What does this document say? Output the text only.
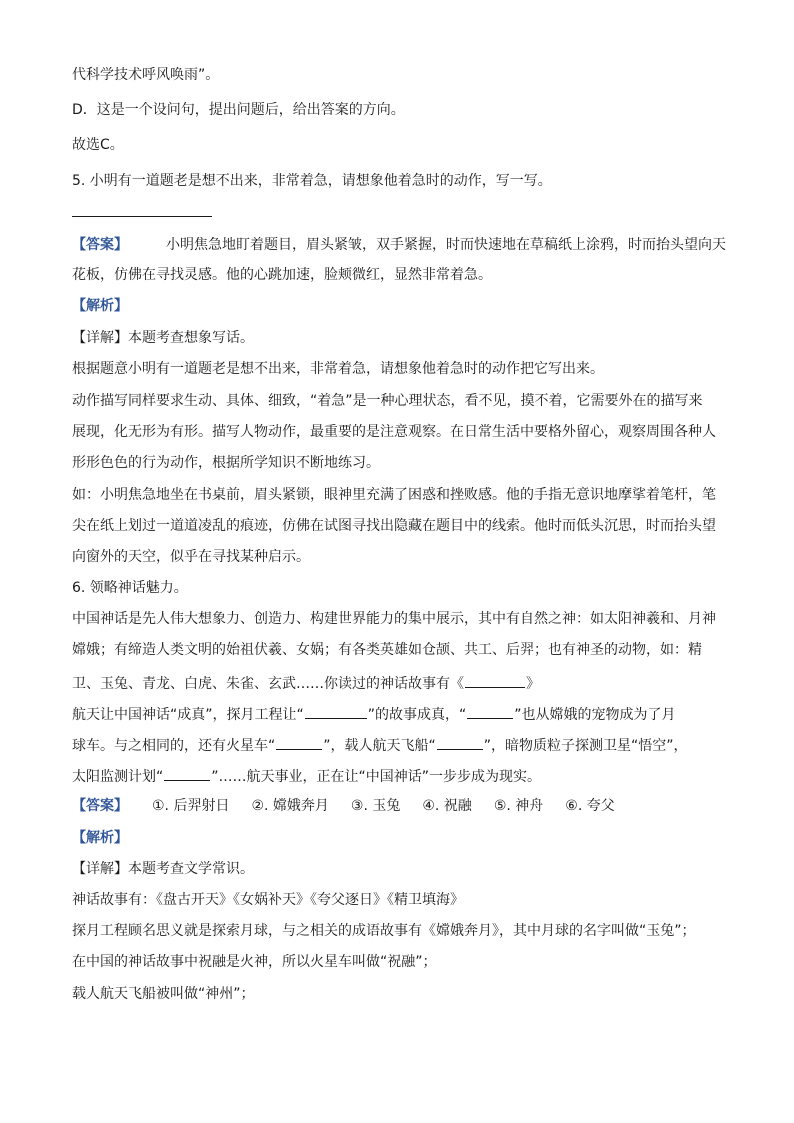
代科学技术呼风唤雨”。
D．这是一个设问句，提出问题后，给出答案的方向。
故选C。
5. 小明有一道题老是想不出来，非常着急，请想象他着急时的动作，写一写。
【答案】	小明焦急地盯着题目，眉头紧皱，双手紧握，时而快速地在草稿纸上涂鸦，时而抬头望向天
花板，仿佛在寻找灵感。他的心跳加速，脸颊微红，显然非常着急。
【解析】
【详解】本题考查想象写话。
根据题意小明有一道题老是想不出来，非常着急，请想象他着急时的动作把它写出来。
动作描写同样要求生动、具体、细致，“着急”是一种心理状态，看不见，摸不着，它需要外在的描写来
展现，化无形为有形。描写人物动作，最重要的是注意观察。在日常生活中要格外留心，观察周围各种人
形形色色的行为动作，根据所学知识不断地练习。
如：小明焦急地坐在书桌前，眉头紧锁，眼神里充满了困惑和挫败感。他的手指无意识地摩挲着笔杆，笔
尖在纸上划过一道道凌乱的痕迹，仿佛在试图寻找出隐藏在题目中的线索。他时而低头沉思，时而抬头望
向窗外的天空，似乎在寻找某种启示。
6. 领略神话魅力。
中国神话是先人伟大想象力、创造力、构建世界能力的集中展示，其中有自然之神：如太阳神羲和、月神
嫦娥；有缔造人类文明的始祖伏羲、女娲；有各类英雄如仓颉、共工、后羿；也有神圣的动物，如：精
卫、玉兔、青龙、白虎、朱雀、玄武……你读过的神话故事有《	》
航天让中国神话“成真”，探月工程让“	”的故事成真，“	”也从嫦娥的宠物成为了月
球车。与之相同的，还有火星车“	”，载人航天飞船“	”，暗物质粒子探测卫星“悟空”，
太阳监测计划“	”……航天事业，正在让“中国神话”一步步成为现实。
【答案】 ①. 后羿射日 ②. 嫦娥奔月 ③. 玉兔 ④. 祝融 ⑤. 神舟 ⑥. 夸父
【解析】
【详解】本题考查文学常识。
神话故事有：《盘古开天》《女娲补天》《夸父逐日》《精卫填海》
探月工程顾名思义就是探索月球，与之相关的成语故事有《嫦娥奔月》，其中月球的名字叫做“玉兔”；
在中国的神话故事中祝融是火神，所以火星车叫做“祝融”；
载人航天飞船被叫做“神州”；
